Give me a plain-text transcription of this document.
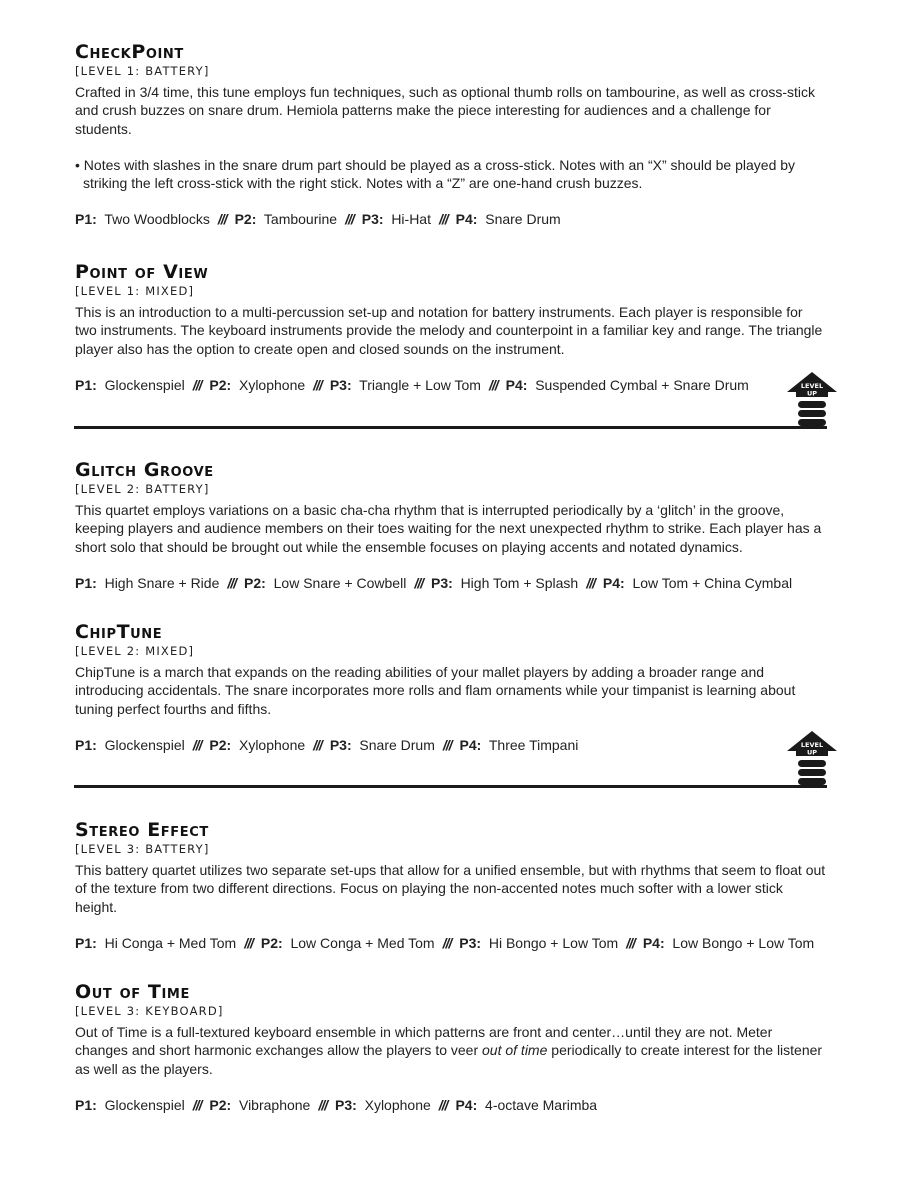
CheckPoint

[LEVEL 1: BATTERY]

Crafted in 3/4 time, this tune employs fun techniques, such as optional thumb rolls on tambourine, as well as cross-stick and crush buzzes on snare drum. Hemiola patterns make the piece interesting for audiences and a challenge for students.

• Notes with slashes in the snare drum part should be played as a cross-stick. Notes with an “X” should be played by striking the left cross-stick with the right stick. Notes with a “Z” are one-hand crush buzzes.

P1: Two Woodblocks /// P2: Tambourine /// P3: Hi-Hat /// P4: Snare Drum

Point of View

[LEVEL 1: MIXED]

This is an introduction to a multi-percussion set-up and notation for battery instruments. Each player is responsible for two instruments. The keyboard instruments provide the melody and counterpoint in a familiar key and range. The triangle player also has the option to create open and closed sounds on the instrument.

P1: Glockenspiel /// P2: Xylophone /// P3: Triangle + Low Tom /// P4: Suspended Cymbal + Snare Drum	LEVEL
UP
Glitch Groove

[LEVEL 2: BATTERY]

This quartet employs variations on a basic cha-cha rhythm that is interrupted periodically by a ‘glitch’ in the groove, keeping players and audience members on their toes waiting for the next unexpected rhythm to strike. Each player has a short solo that should be brought out while the ensemble focuses on playing accents and notated dynamics.

P1: High Snare + Ride /// P2: Low Snare + Cowbell /// P3: High Tom + Splash /// P4: Low Tom + China Cymbal

ChipTune

[LEVEL 2: MIXED]

ChipTune is a march that expands on the reading abilities of your mallet players by adding a broader range and introducing accidentals. The snare incorporates more rolls and flam ornaments while your timpanist is learning about tuning perfect fourths and fifths.

P1: Glockenspiel /// P2: Xylophone /// P3: Snare Drum /// P4: Three Timpani	LEVEL
UP
Stereo Effect

[LEVEL 3: BATTERY]

This battery quartet utilizes two separate set-ups that allow for a unified ensemble, but with rhythms that seem to float out of the texture from two different directions. Focus on playing the non-accented notes much softer with a lower stick height.

P1: Hi Conga + Med Tom /// P2: Low Conga + Med Tom /// P3: Hi Bongo + Low Tom /// P4: Low Bongo + Low Tom

Out of Time

[LEVEL 3: KEYBOARD]

Out of Time is a full-textured keyboard ensemble in which patterns are front and center…until they are not. Meter changes and short harmonic exchanges allow the players to veer out of time periodically to create interest for the listener as well as the players.

P1: Glockenspiel /// P2: Vibraphone /// P3: Xylophone /// P4: 4-octave Marimba
